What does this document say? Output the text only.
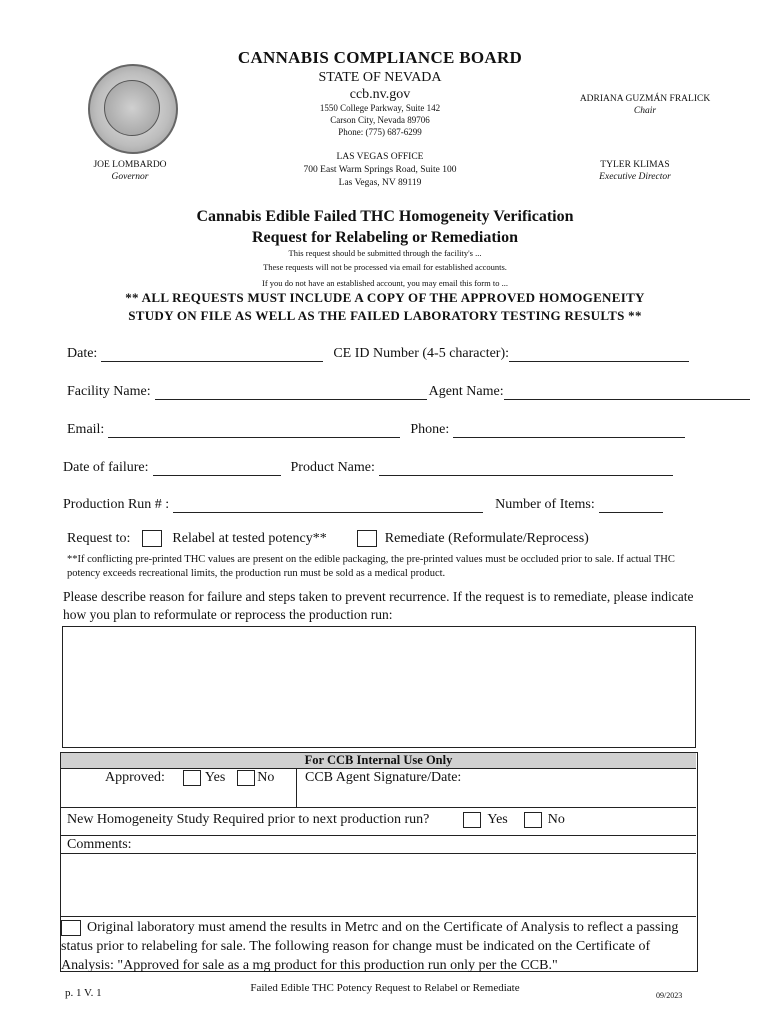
CANNABIS COMPLIANCE BOARD
STATE OF NEVADA
ccb.nv.gov
1550 College Parkway, Suite 142
Carson City, Nevada 89706
Phone: (775) 687-6299
LAS VEGAS OFFICE
700 East Warm Springs Road, Suite 100
Las Vegas, NV 89119
ADRIANA GUZMÁN FRALICK
Chair
JOE LOMBARDO
Governor
TYLER KLIMAS
Executive Director
Cannabis Edible Failed THC Homogeneity Verification
Request for Relabeling or Remediation
This request should be submitted through the facility's ...
These requests will not be processed via email for established accounts.
If you do not have an established account, you may email this form to ...
** ALL REQUESTS MUST INCLUDE A COPY OF THE APPROVED HOMOGENEITY
STUDY ON FILE AS WELL AS THE FAILED LABORATORY TESTING RESULTS **
Date:	CE ID Number (4-5 character):
Facility Name:	Agent Name:
Email:	Phone:
Date of failure:	Product Name:
Production Run # :	Number of Items:
Request to:	Relabel at tested potency**	Remediate (Reformulate/Reprocess)
**If conflicting pre-printed THC values are present on the edible packaging, the pre-printed values must be occluded prior to sale. If actual THC potency exceeds recreational limits, the production run must be sold as a medical product.
Please describe reason for failure and steps taken to prevent recurrence. If the request is to remediate, please indicate how you plan to reformulate or reprocess the production run:
For CCB Internal Use Only
Approved:	Yes No CCB Agent Signature/Date:
New Homogeneity Study Required prior to next production run?	Yes	No
Comments:
Original laboratory must amend the results in Metrc and on the Certificate of Analysis to reflect a passing status prior to relabeling for sale. The following reason for change must be indicated on the Certificate of Analysis: "Approved for sale as a mg product for this production run only per the CCB."
p. 1 V. 1	Failed Edible THC Potency Request to Relabel or Remediate
09/2023
